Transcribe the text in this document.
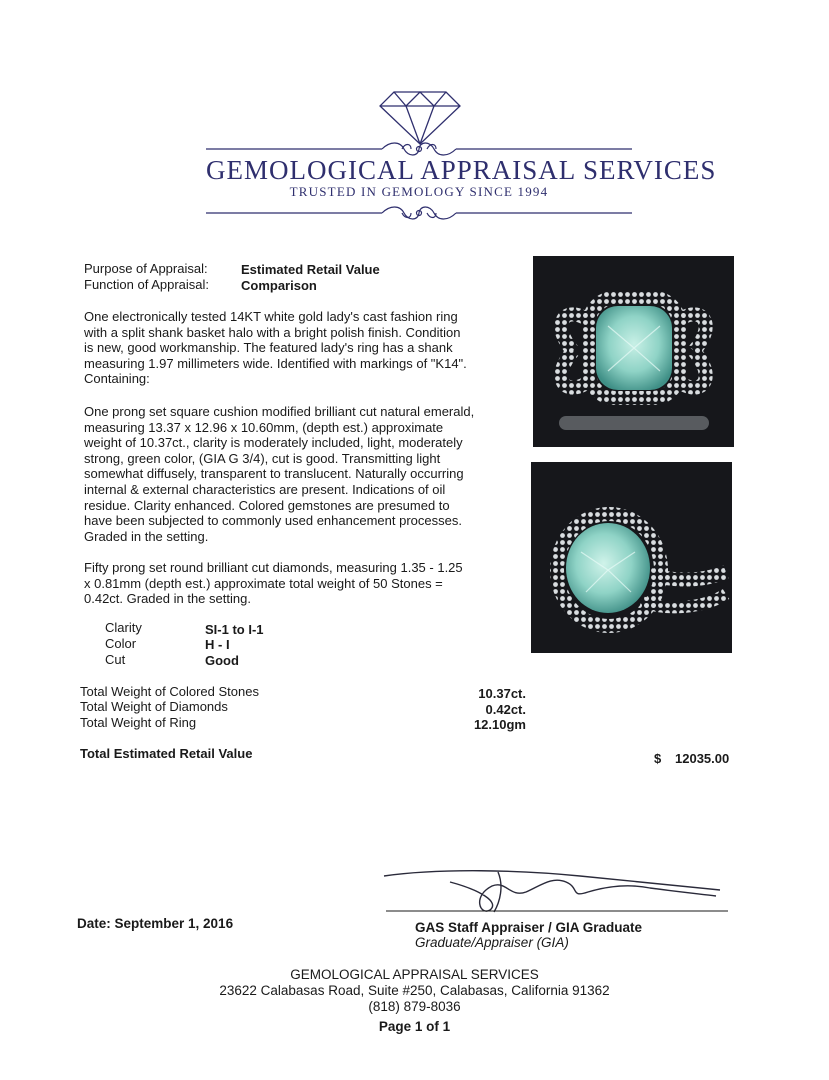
GEMOLOGICAL APPRAISAL SERVICES
TRUSTED IN GEMOLOGY SINCE 1994
Purpose of Appraisal:	Estimated Retail Value
Function of Appraisal: Comparison
One electronically tested 14KT white gold lady's cast fashion ring
with a split shank basket halo with a bright polish finish. Condition
is new, good workmanship. The featured lady's ring has a shank
measuring 1.97 millimeters wide. Identified with markings of "K14".
Containing:
One prong set square cushion modified brilliant cut natural emerald,
measuring 13.37 x 12.96 x 10.60mm, (depth est.) approximate
weight of 10.37ct., clarity is moderately included, light, moderately
strong, green color, (GIA G 3/4), cut is good. Transmitting light
somewhat diffusely, transparent to translucent. Naturally occurring
internal & external characteristics are present. Indications of oil
residue. Clarity enhanced. Colored gemstones are presumed to
have been subjected to commonly used enhancement processes.
Graded in the setting.
Fifty prong set round brilliant cut diamonds, measuring 1.35 - 1.25
x 0.81mm (depth est.) approximate total weight of 50 Stones =
0.42ct. Graded in the setting.
Clarity	SI-1 to I-1
Color	H - I
Cut	Good
Total Weight of Colored Stones	10.37ct.
Total Weight of Diamonds	0.42ct.
Total Weight of Ring	12.10gm
Total Estimated Retail Value	$ 12035.00
Date: September 1, 2016	GAS Staff Appraiser / GIA Graduate
Graduate/Appraiser (GIA)
GEMOLOGICAL APPRAISAL SERVICES
23622 Calabasas Road, Suite #250, Calabasas, California 91362
(818) 879-8036
Page 1 of 1
